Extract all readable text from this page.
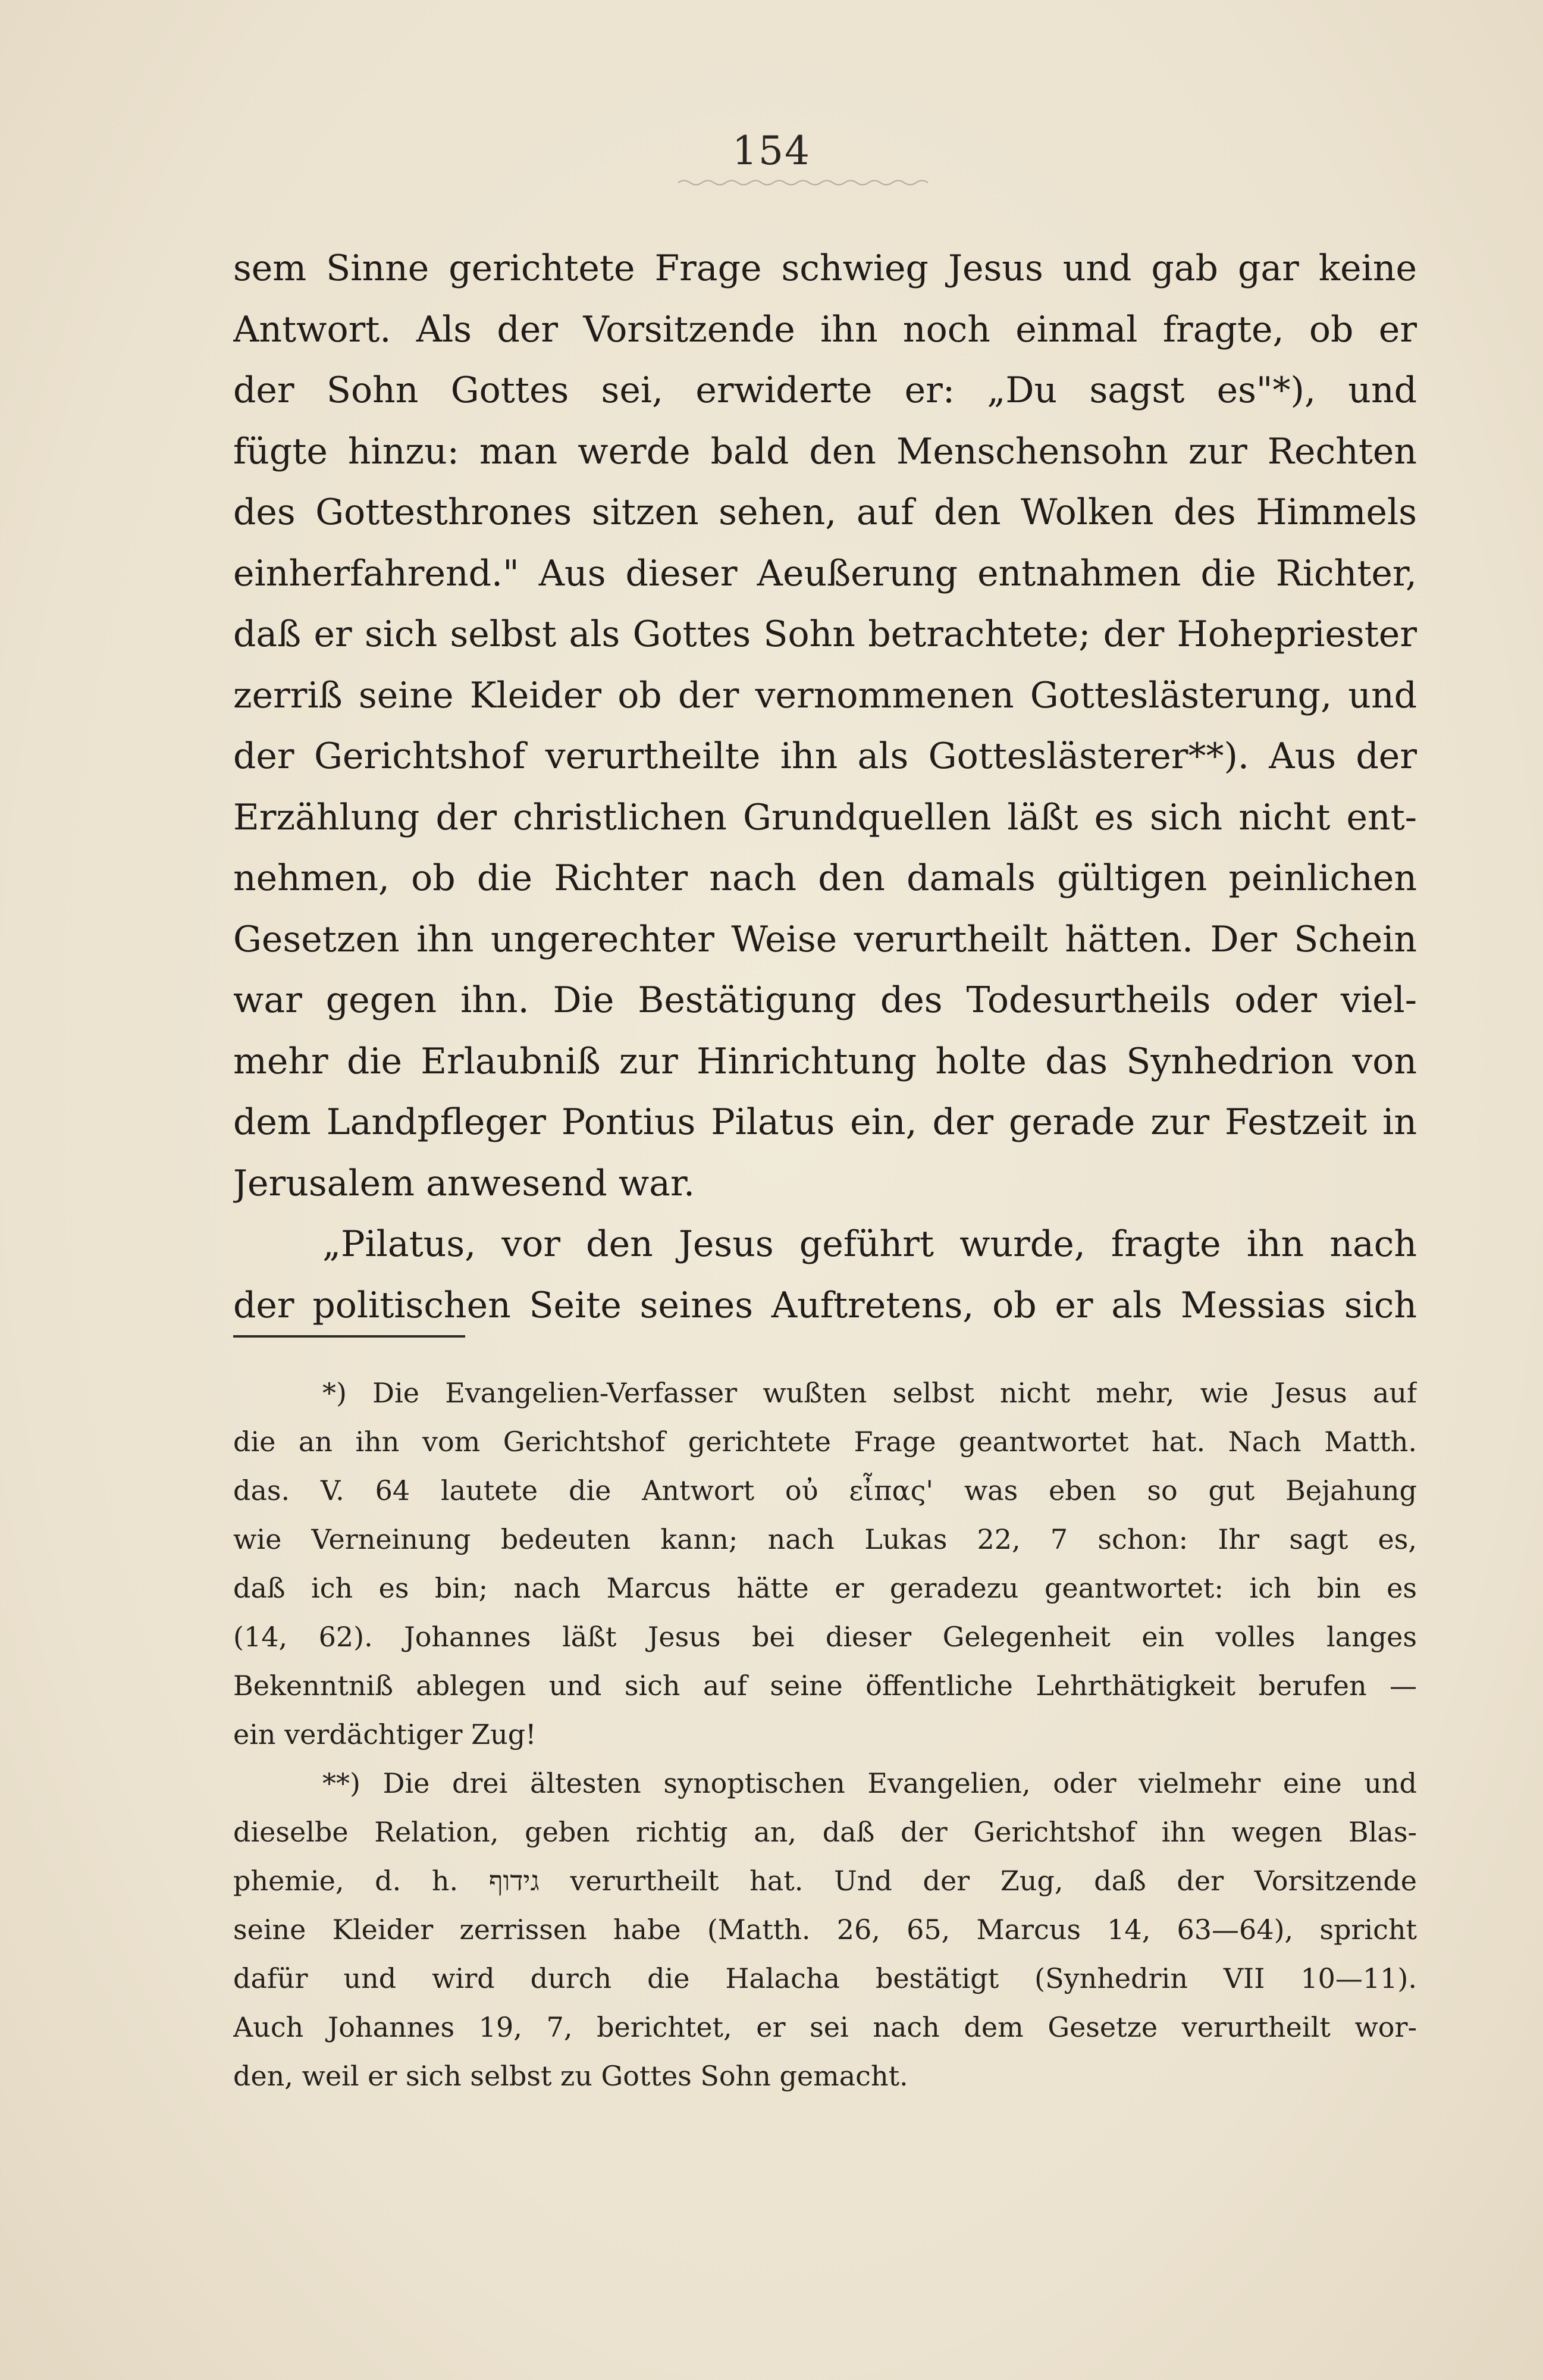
154

sem Sinne gerichtete Frage schwieg Jesus und gab gar keine

Antwort. Als der Vorsitzende ihn noch einmal fragte, ob er

der Sohn Gottes sei, erwiderte er: „Du sagst es"*), und

fügte hinzu: man werde bald den Menschensohn zur Rechten

des Gottesthrones sitzen sehen, auf den Wolken des Himmels

einherfahrend." Aus dieser Aeußerung entnahmen die Richter,

daß er sich selbst als Gottes Sohn betrachtete; der Hohepriester

zerriß seine Kleider ob der vernommenen Gotteslästerung, und

der Gerichtshof verurtheilte ihn als Gotteslästerer**). Aus der

Erzählung der christlichen Grundquellen läßt es sich nicht ent-

nehmen, ob die Richter nach den damals gültigen peinlichen

Gesetzen ihn ungerechter Weise verurtheilt hätten. Der Schein

war gegen ihn. Die Bestätigung des Todesurtheils oder viel-

mehr die Erlaubniß zur Hinrichtung holte das Synhedrion von

dem Landpfleger Pontius Pilatus ein, der gerade zur Festzeit in

Jerusalem anwesend war.

„Pilatus, vor den Jesus geführt wurde, fragte ihn nach

der politischen Seite seines Auftretens, ob er als Messias sich

*) Die Evangelien-Verfasser wußten selbst nicht mehr, wie Jesus auf

die an ihn vom Gerichtshof gerichtete Frage geantwortet hat. Nach Matth.

das. V. 64 lautete die Antwort οὐ εἶπας' was eben so gut Bejahung

wie Verneinung bedeuten kann; nach Lukas 22, 7 schon: Ihr sagt es,

daß ich es bin; nach Marcus hätte er geradezu geantwortet: ich bin es

(14, 62). Johannes läßt Jesus bei dieser Gelegenheit ein volles langes

Bekenntniß ablegen und sich auf seine öffentliche Lehrthätigkeit berufen —

ein verdächtiger Zug!

**) Die drei ältesten synoptischen Evangelien, oder vielmehr eine und

dieselbe Relation, geben richtig an, daß der Gerichtshof ihn wegen Blas-

phemie, d. h. גידוף verurtheilt hat. Und der Zug, daß der Vorsitzende

seine Kleider zerrissen habe (Matth. 26, 65, Marcus 14, 63—64), spricht

dafür und wird durch die Halacha bestätigt (Synhedrin VII 10—11).

Auch Johannes 19, 7, berichtet, er sei nach dem Gesetze verurtheilt wor-

den, weil er sich selbst zu Gottes Sohn gemacht.
